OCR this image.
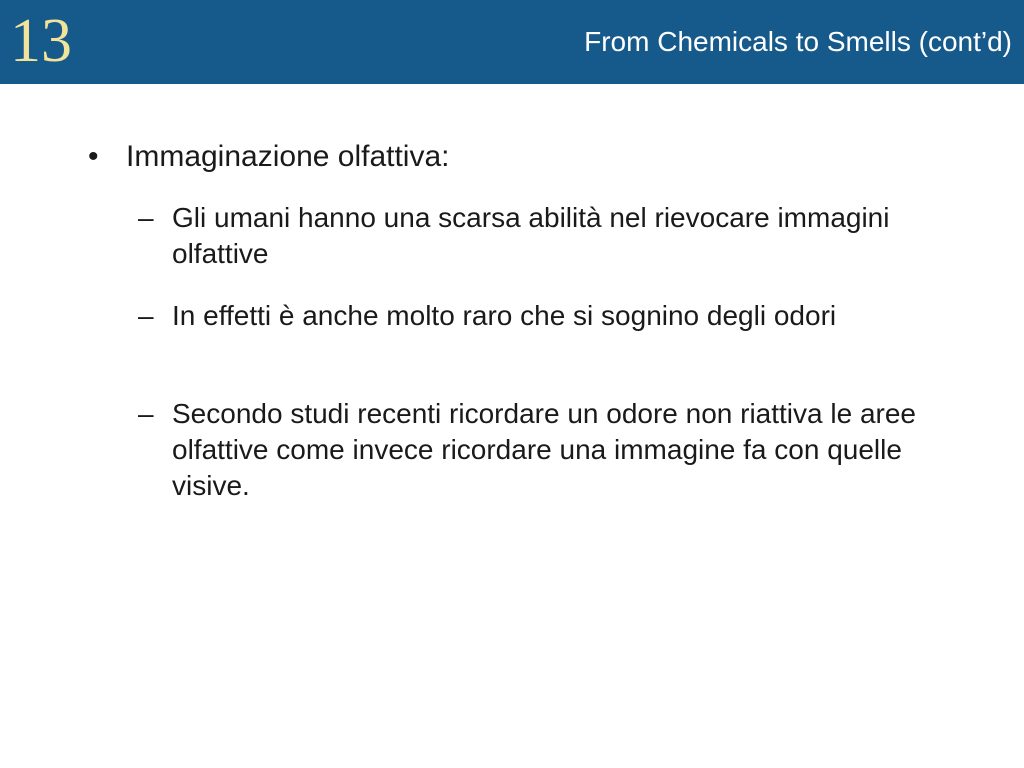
13	From Chemicals to Smells (cont’d)
• Immaginazione olfattiva:
– Gli umani hanno una scarsa abilità nel rievocare immagini olfattive
– In effetti è anche molto raro che si sognino degli odori
– Secondo studi recenti ricordare un odore non riattiva le aree olfattive come invece ricordare una immagine fa con quelle visive.
